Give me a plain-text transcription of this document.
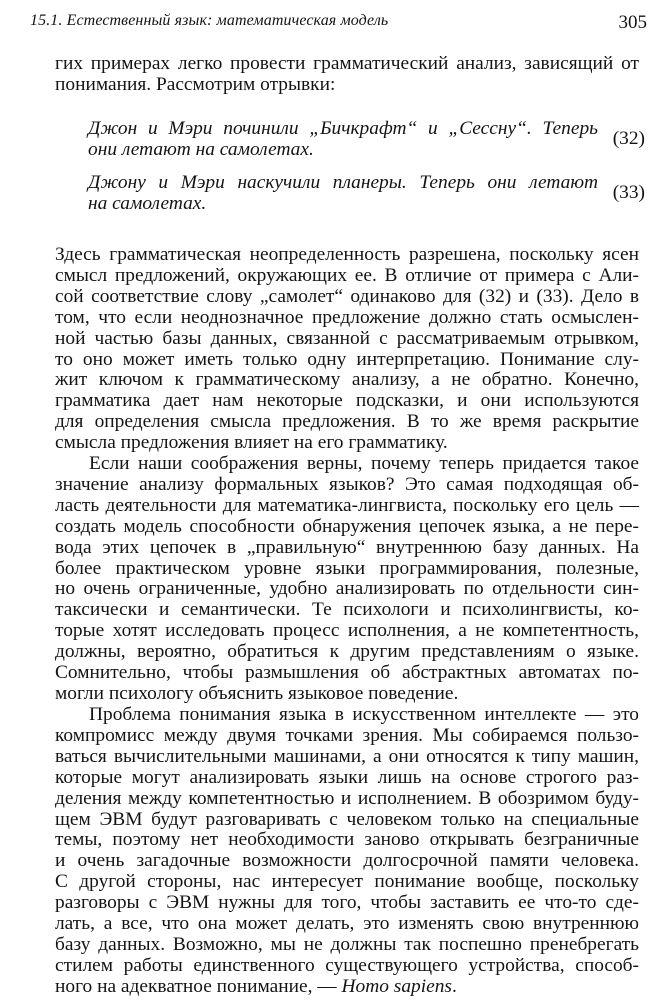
15.1. Естественный язык: математическая модель	305
гих примерах легко провести грамматический анализ, зависящий от
понимания. Рассмотрим отрывки:
Джон и Мэри починили „Бичкрафт“ и „Сессну“. Теперь
они летают на самолетах.
(32)
Джону и Мэри наскучили планеры. Теперь они летают
на самолетах.
(33)
Здесь грамматическая неопределенность разрешена, поскольку ясен
смысл предложений, окружающих ее. В отличие от примера с Али-
сой соответствие слову „самолет“ одинаково для (32) и (33). Дело в
том, что если неоднозначное предложение должно стать осмыслен-
ной частью базы данных, связанной с рассматриваемым отрывком,
то оно может иметь только одну интерпретацию. Понимание слу-
жит ключом к грамматическому анализу, а не обратно. Конечно,
грамматика дает нам некоторые подсказки, и они используются
для определения смысла предложения. В то же время раскрытие
смысла предложения влияет на его грамматику.
Если наши соображения верны, почему теперь придается такое
значение анализу формальных языков? Это самая подходящая об-
ласть деятельности для математика-лингвиста, поскольку его цель —
создать модель способности обнаружения цепочек языка, а не пере-
вода этих цепочек в „правильную“ внутреннюю базу данных. На
более практическом уровне языки программирования, полезные,
но очень ограниченные, удобно анализировать по отдельности син-
таксически и семантически. Те психологи и психолингвисты, ко-
торые хотят исследовать процесс исполнения, а не компетентность,
должны, вероятно, обратиться к другим представлениям о языке.
Сомнительно, чтобы размышления об абстрактных автоматах по-
могли психологу объяснить языковое поведение.
Проблема понимания языка в искусственном интеллекте — это
компромисс между двумя точками зрения. Мы собираемся пользо-
ваться вычислительными машинами, а они относятся к типу машин,
которые могут анализировать языки лишь на основе строгого раз-
деления между компетентностью и исполнением. В обозримом буду-
щем ЭВМ будут разговаривать с человеком только на специальные
темы, поэтому нет необходимости заново открывать безграничные
и очень загадочные возможности долгосрочной памяти человека.
С другой стороны, нас интересует понимание вообще, поскольку
разговоры с ЭВМ нужны для того, чтобы заставить ее что-то сде-
лать, а все, что она может делать, это изменять свою внутреннюю
базу данных. Возможно, мы не должны так поспешно пренебрегать
стилем работы единственного существующего устройства, способ-
ного на адекватное понимание, — Homo sapiens.
